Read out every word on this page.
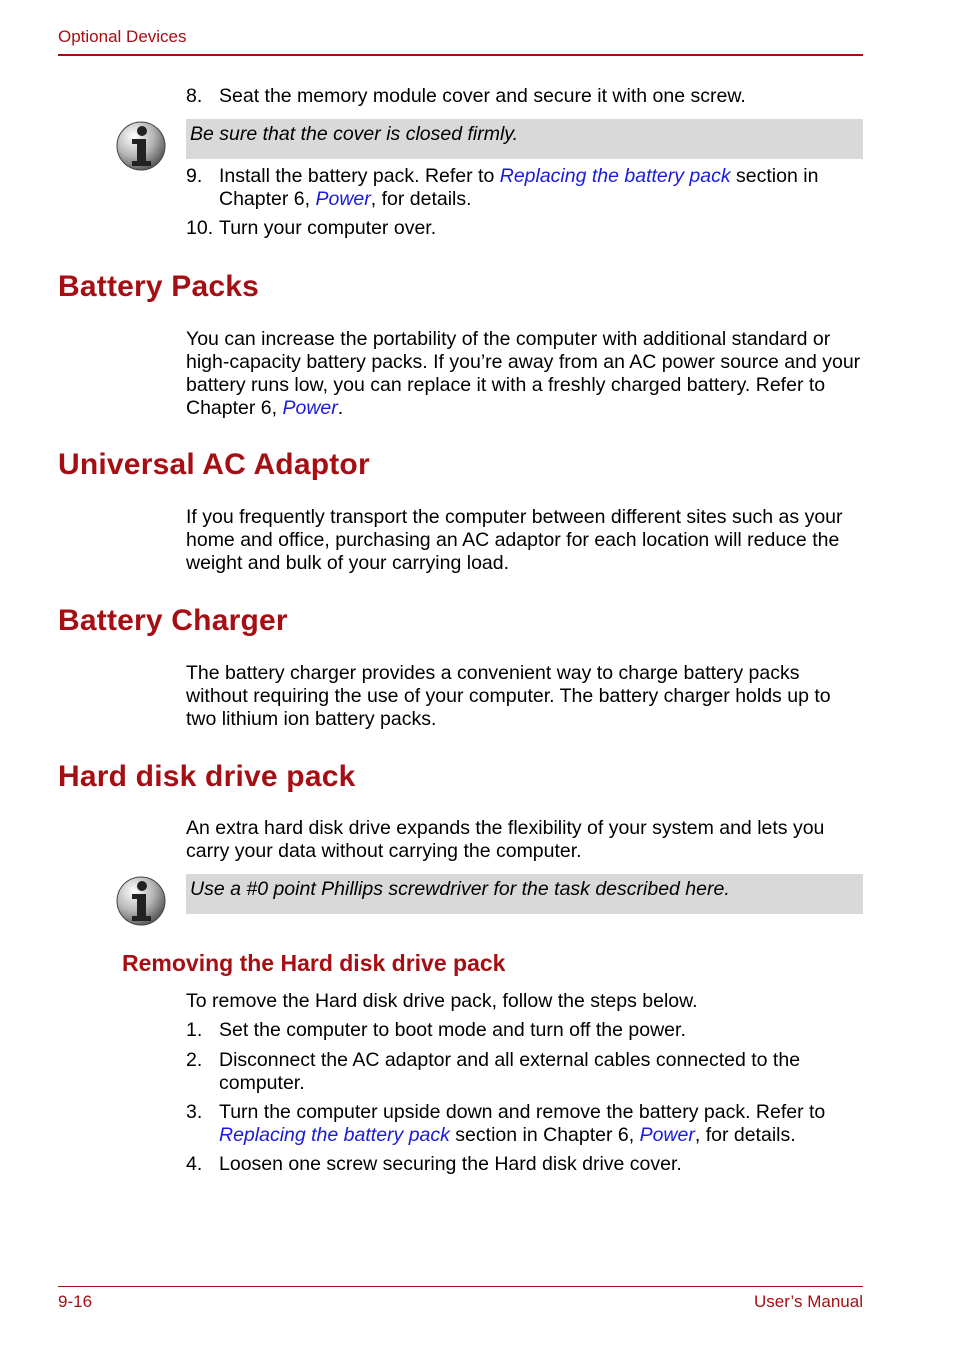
Optional Devices
8. Seat the memory module cover and secure it with one screw.
Be sure that the cover is closed firmly.
9. Install the battery pack. Refer to Replacing the battery pack section in Chapter 6, Power, for details.
10. Turn your computer over.
Battery Packs
You can increase the portability of the computer with additional standard or high-capacity battery packs. If you’re away from an AC power source and your battery runs low, you can replace it with a freshly charged battery. Refer to Chapter 6, Power.
Universal AC Adaptor
If you frequently transport the computer between different sites such as your home and office, purchasing an AC adaptor for each location will reduce the weight and bulk of your carrying load.
Battery Charger
The battery charger provides a convenient way to charge battery packs without requiring the use of your computer. The battery charger holds up to two lithium ion battery packs.
Hard disk drive pack
An extra hard disk drive expands the flexibility of your system and lets you carry your data without carrying the computer.
Use a #0 point Phillips screwdriver for the task described here.
Removing the Hard disk drive pack
To remove the Hard disk drive pack, follow the steps below.
1. Set the computer to boot mode and turn off the power.
2. Disconnect the AC adaptor and all external cables connected to the computer.
3. Turn the computer upside down and remove the battery pack. Refer to Replacing the battery pack section in Chapter 6, Power, for details.
4. Loosen one screw securing the Hard disk drive cover.
9-16	User’s Manual
